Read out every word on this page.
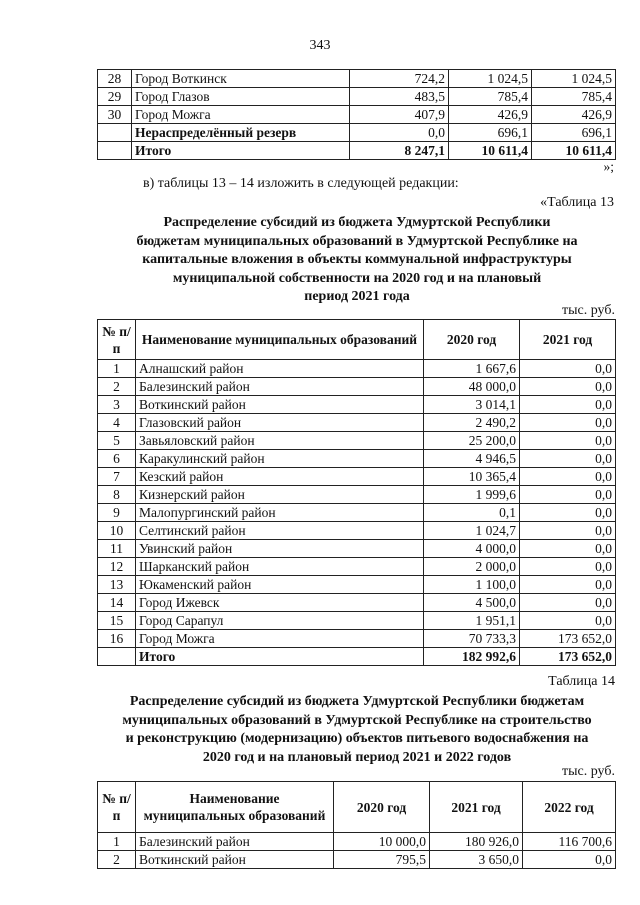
343
28	Город Воткинск	724,2	1 024,5	1 024,5
29	Город Глазов	483,5	785,4	785,4
30	Город Можга	407,9	426,9	426,9
	Нераспределённый резерв	0,0	696,1	696,1
	Итого	8 247,1	10 611,4	10 611,4
»;
в) таблицы 13 – 14 изложить в следующей редакции:
«Таблица 13
Распределение субсидий из бюджета Удмуртской Республики
бюджетам муниципальных образований в Удмуртской Республике на
капитальные вложения в объекты коммунальной инфраструктуры
муниципальной собственности на 2020 год и на плановый
период 2021 года
тыс. руб.
№ п/п	Наименование муниципальных образований	2020 год	2021 год
1	Алнашский район	1 667,6	0,0
2	Балезинский район	48 000,0	0,0
3	Воткинский район	3 014,1	0,0
4	Глазовский район	2 490,2	0,0
5	Завьяловский район	25 200,0	0,0
6	Каракулинский район	4 946,5	0,0
7	Кезский район	10 365,4	0,0
8	Кизнерский район	1 999,6	0,0
9	Малопургинский район	0,1	0,0
10	Селтинский район	1 024,7	0,0
11	Увинский район	4 000,0	0,0
12	Шарканский район	2 000,0	0,0
13	Юкаменский район	1 100,0	0,0
14	Город Ижевск	4 500,0	0,0
15	Город Сарапул	1 951,1	0,0
16	Город Можга	70 733,3	173 652,0
	Итого	182 992,6	173 652,0
Таблица 14
Распределение субсидий из бюджета Удмуртской Республики бюджетам
муниципальных образований в Удмуртской Республике на строительство
и реконструкцию (модернизацию) объектов питьевого водоснабжения на
2020 год и на плановый период 2021 и 2022 годов
тыс. руб.
№ п/п	Наименование муниципальных образований	2020 год	2021 год	2022 год
1	Балезинский район	10 000,0	180 926,0	116 700,6
2	Воткинский район	795,5	3 650,0	0,0
